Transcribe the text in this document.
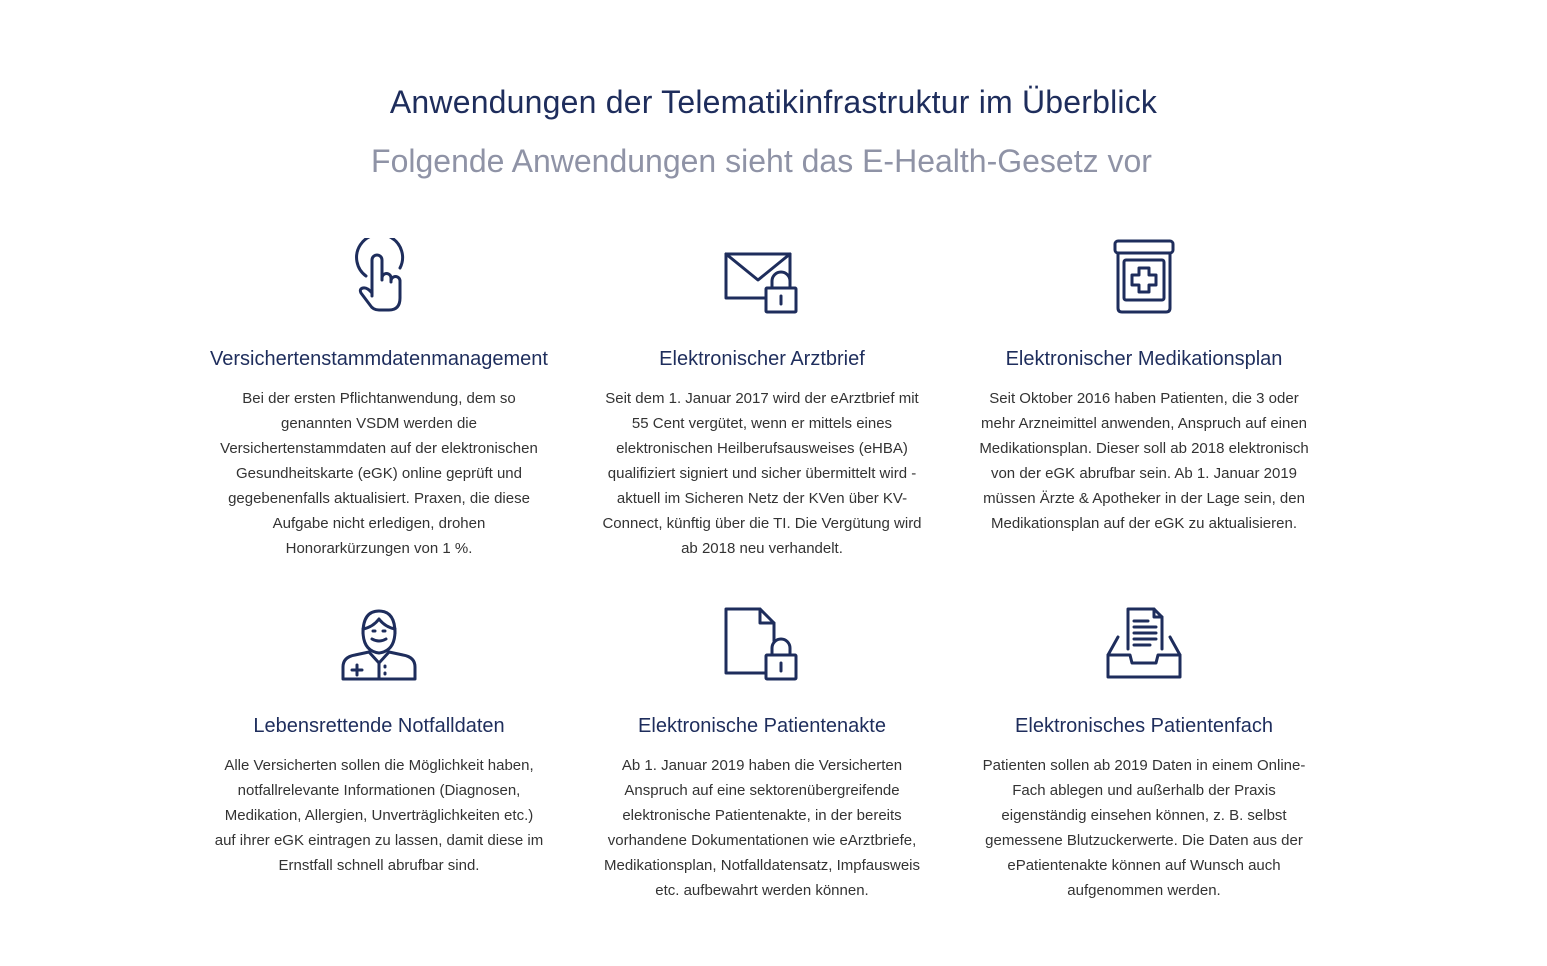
Anwendungen der Telematikinfrastruktur im Überblick
Folgende Anwendungen sieht das E-Health-Gesetz vor
Versichertenstammdatenmanagement

Bei der ersten Pflichtanwendung, dem so genannten VSDM werden die Versichertenstammdaten auf der elektronischen Gesundheitskarte (eGK) online geprüft und gegebenenfalls aktualisiert. Praxen, die diese Aufgabe nicht erledigen, drohen Honorarkürzungen von 1 %.

Elektronischer Arztbrief

Seit dem 1. Januar 2017 wird der eArztbrief mit 55 Cent vergütet, wenn er mittels eines elektronischen Heilberufsausweises (eHBA) qualifiziert signiert und sicher übermittelt wird - aktuell im Sicheren Netz der KVen über KV-Connect, künftig über die TI. Die Vergütung wird ab 2018 neu verhandelt.

Elektronischer Medikationsplan

Seit Oktober 2016 haben Patienten, die 3 oder mehr Arzneimittel anwenden, Anspruch auf einen Medikationsplan. Dieser soll ab 2018 elektronisch von der eGK abrufbar sein. Ab 1. Januar 2019 müssen Ärzte & Apotheker in der Lage sein, den Medikationsplan auf der eGK zu aktualisieren.

Lebensrettende Notfalldaten

Alle Versicherten sollen die Möglichkeit haben, notfallrelevante Informationen (Diagnosen, Medikation, Allergien, Unverträglichkeiten etc.) auf ihrer eGK eintragen zu lassen, damit diese im Ernstfall schnell abrufbar sind.

Elektronische Patientenakte

Ab 1. Januar 2019 haben die Versicherten Anspruch auf eine sektorenübergreifende elektronische Patientenakte, in der bereits vorhandene Dokumentationen wie eArztbriefe, Medikationsplan, Notfalldatensatz, Impfausweis etc. aufbewahrt werden können.

Elektronisches Patientenfach

Patienten sollen ab 2019 Daten in einem Online-Fach ablegen und außerhalb der Praxis eigenständig einsehen können, z. B. selbst gemessene Blutzuckerwerte. Die Daten aus der ePatientenakte können auf Wunsch auch aufgenommen werden.
